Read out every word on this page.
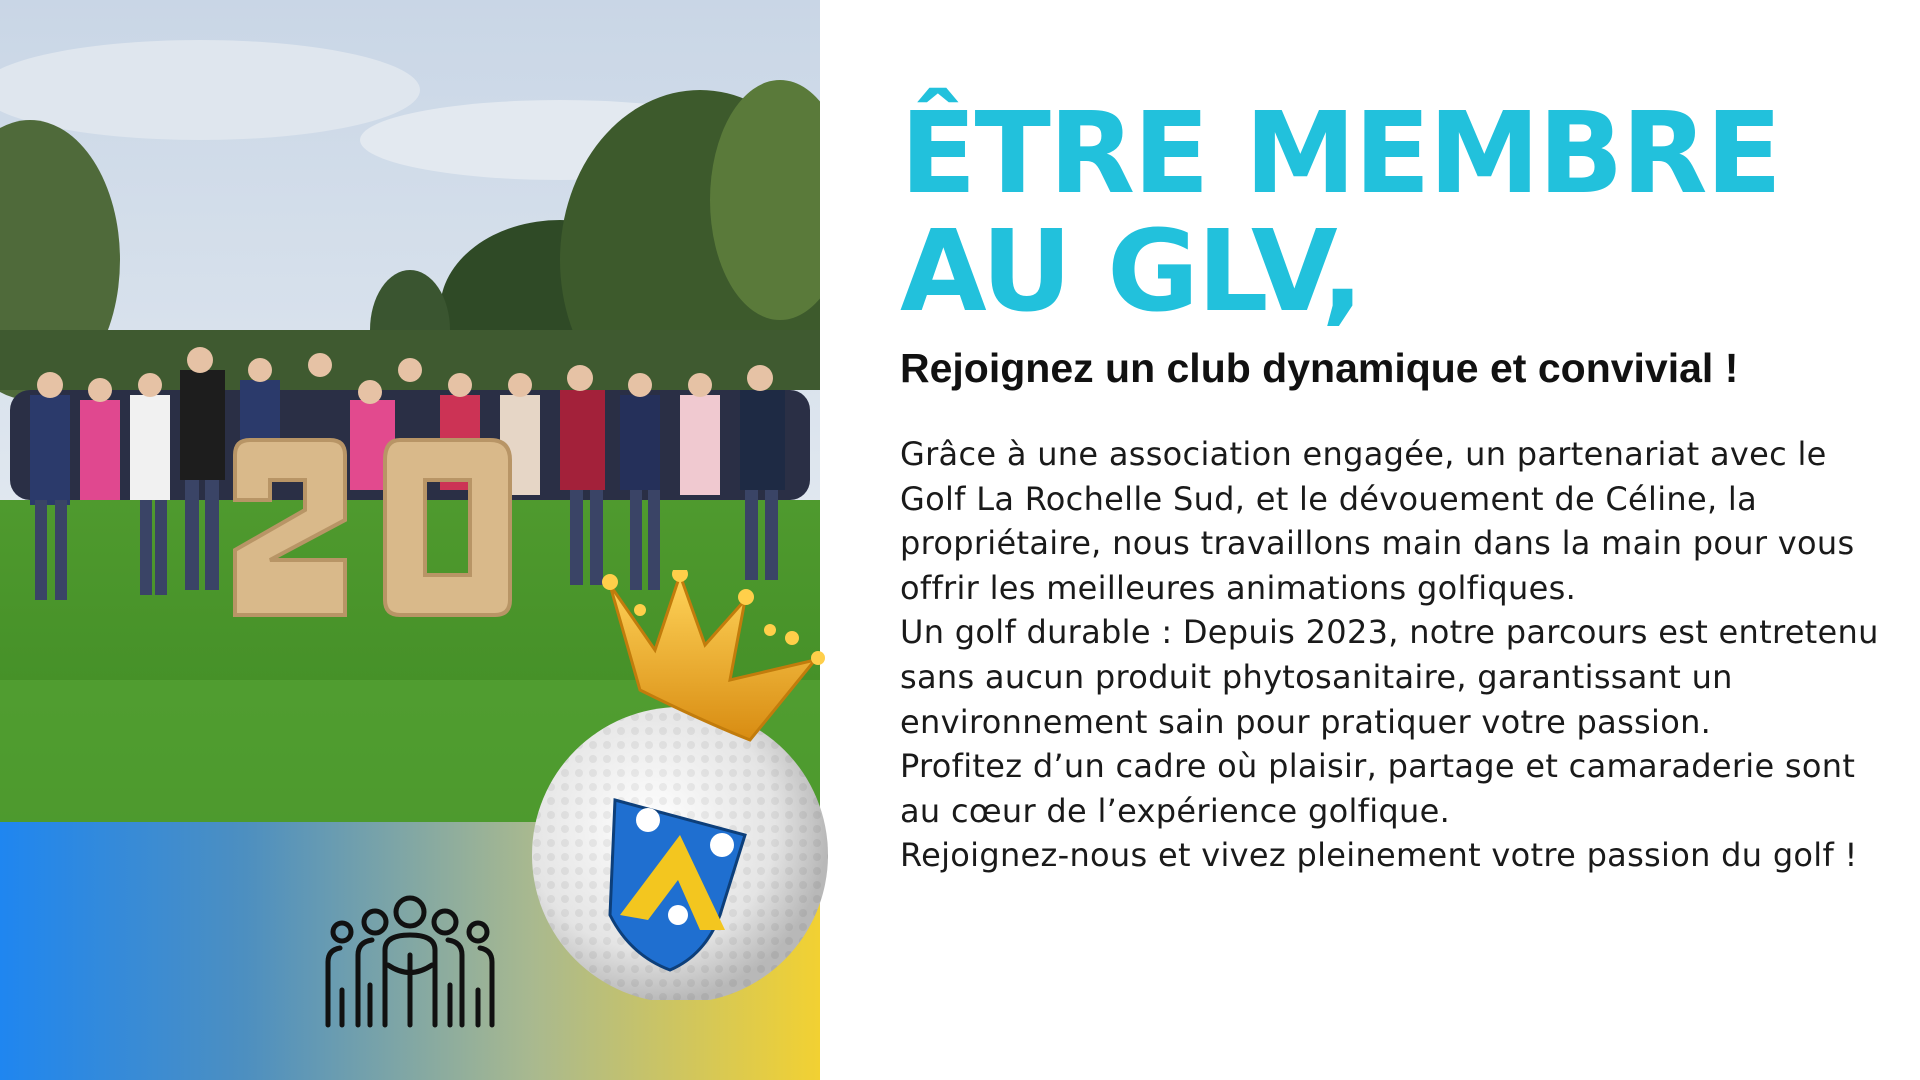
ÊTRE MEMBRE
AU GLV,
Rejoignez un club dynamique et convivial !

Grâce à une association engagée, un partenariat avec le Golf La Rochelle Sud, et le dévouement de Céline, la propriétaire, nous travaillons main dans la main pour vous offrir les meilleures animations golfiques.

Un golf durable : Depuis 2023, notre parcours est entretenu sans aucun produit phytosanitaire, garantissant un environnement sain pour pratiquer votre passion.

Profitez d’un cadre où plaisir, partage et camaraderie sont au cœur de l’expérience golfique.

Rejoignez-nous et vivez pleinement votre passion du golf !
